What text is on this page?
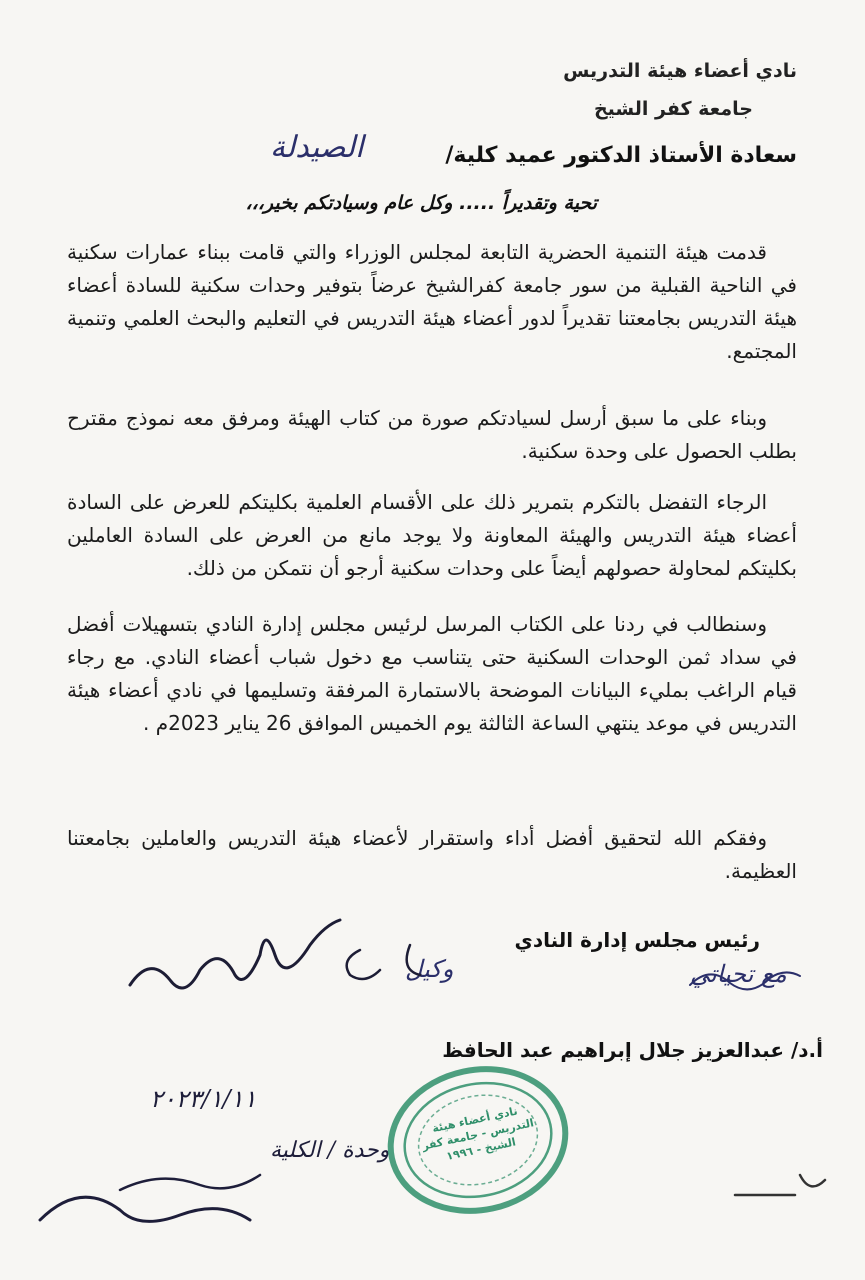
نادي أعضاء هيئة التدريس
جامعة كفر الشيخ
سعادة الأستاذ الدكتور عميد كلية/
الصيدلة
تحية وتقديراً ..... وكل عام وسيادتكم بخير،،،
قدمت هيئة التنمية الحضرية التابعة لمجلس الوزراء والتي قامت ببناء عمارات سكنية في الناحية القبلية من سور جامعة كفرالشيخ عرضاً بتوفير وحدات سكنية للسادة أعضاء هيئة التدريس بجامعتنا تقديراً لدور أعضاء هيئة التدريس في التعليم والبحث العلمي وتنمية المجتمع.
وبناء على ما سبق أرسل لسيادتكم صورة من كتاب الهيئة ومرفق معه نموذج مقترح بطلب الحصول على وحدة سكنية.
الرجاء التفضل بالتكرم بتمرير ذلك على الأقسام العلمية بكليتكم للعرض على السادة أعضاء هيئة التدريس والهيئة المعاونة ولا يوجد مانع من العرض على السادة العاملين بكليتكم لمحاولة حصولهم أيضاً على وحدات سكنية أرجو أن نتمكن من ذلك.
وسنطالب في ردنا على الكتاب المرسل لرئيس مجلس إدارة النادي بتسهيلات أفضل في سداد ثمن الوحدات السكنية حتى يتناسب مع دخول شباب أعضاء النادي. مع رجاء قيام الراغب بمليء البيانات الموضحة بالاستمارة المرفقة وتسليمها في نادي أعضاء هيئة التدريس في موعد ينتهي الساعة الثالثة يوم الخميس الموافق 26 يناير 2023م .
وفقكم الله لتحقيق أفضل أداء واستقرار لأعضاء هيئة التدريس والعاملين بجامعتنا العظيمة.
رئيس مجلس إدارة النادي
أ.د/ عبدالعزيز جلال إبراهيم عبد الحافظ
مع تحياتي
وكيل
٢٠٢٣/١/١١
وحدة / الكلية
نادي أعضاء هيئة التدريس - جامعة كفر الشيخ - ١٩٩٦
